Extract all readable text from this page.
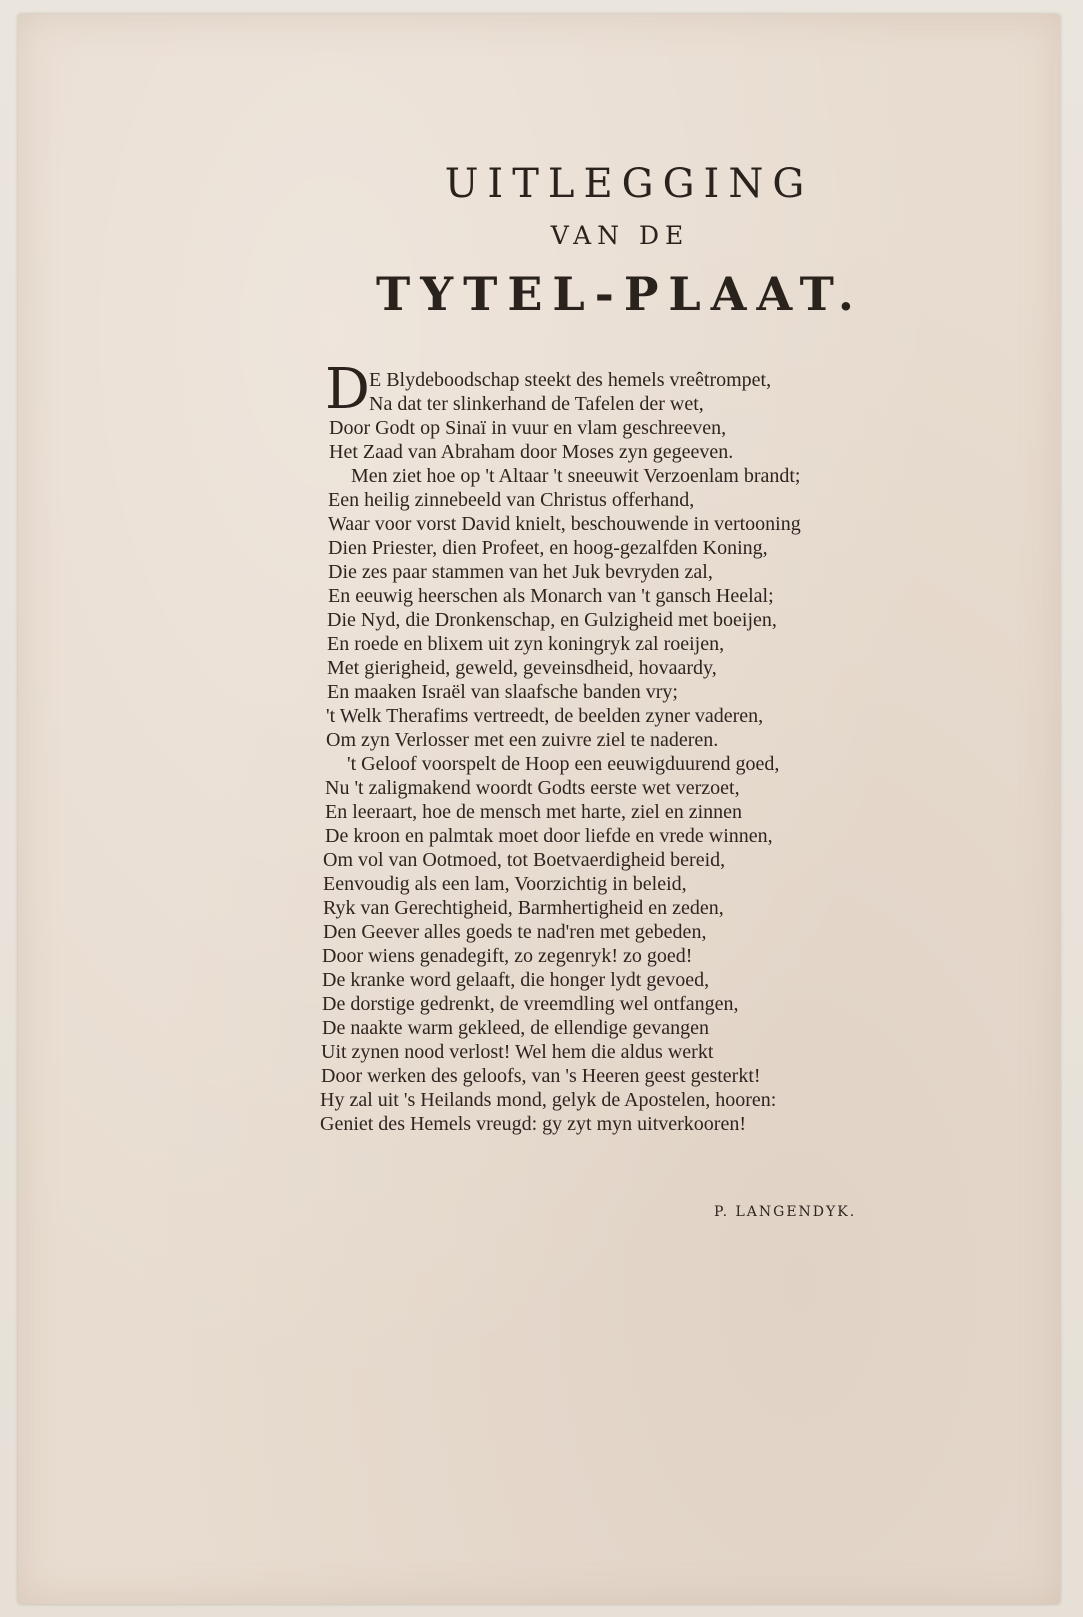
UITLEGGING
VAN DE
TYTEL-PLAAT.
D E Blydeboodschap steekt des hemels vreêtrompet,
Na dat ter slinkerhand de Tafelen der wet,
Door Godt op Sinaï in vuur en vlam geschreeven,
Het Zaad van Abraham door Moses zyn gegeeven.
Men ziet hoe op 't Altaar 't sneeuwit Verzoenlam brandt;
Een heilig zinnebeeld van Christus offerhand,
Waar voor vorst David knielt, beschouwende in vertooning
Dien Priester, dien Profeet, en hoog-gezalfden Koning,
Die zes paar stammen van het Juk bevryden zal,
En eeuwig heerschen als Monarch van 't gansch Heelal;
Die Nyd, die Dronkenschap, en Gulzigheid met boeijen,
En roede en blixem uit zyn koningryk zal roeijen,
Met gierigheid, geweld, geveinsdheid, hovaardy,
En maaken Israël van slaafsche banden vry;
't Welk Therafims vertreedt, de beelden zyner vaderen,
Om zyn Verlosser met een zuivre ziel te naderen.
't Geloof voorspelt de Hoop een eeuwigduurend goed,
Nu 't zaligmakend woordt Godts eerste wet verzoet,
En leeraart, hoe de mensch met harte, ziel en zinnen
De kroon en palmtak moet door liefde en vrede winnen,
Om vol van Ootmoed, tot Boetvaerdigheid bereid,
Eenvoudig als een lam, Voorzichtig in beleid,
Ryk van Gerechtigheid, Barmhertigheid en zeden,
Den Geever alles goeds te nad'ren met gebeden,
Door wiens genadegift, zo zegenryk! zo goed!
De kranke word gelaaft, die honger lydt gevoed,
De dorstige gedrenkt, de vreemdling wel ontfangen,
De naakte warm gekleed, de ellendige gevangen
Uit zynen nood verlost! Wel hem die aldus werkt
Door werken des geloofs, van 's Heeren geest gesterkt!
Hy zal uit 's Heilands mond, gelyk de Apostelen, hooren:
Geniet des Hemels vreugd: gy zyt myn uitverkooren!
P. LANGENDYK.
